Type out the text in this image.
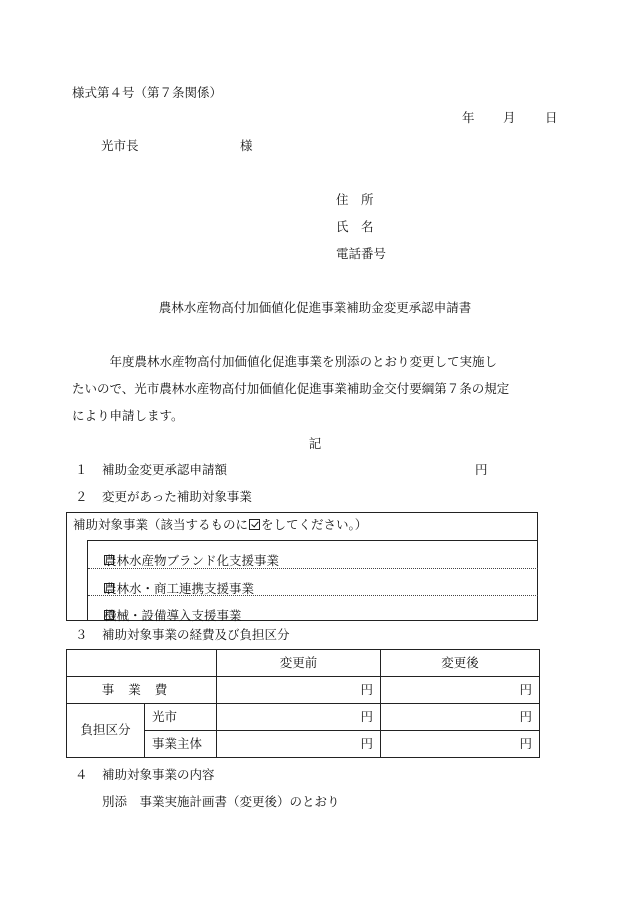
様式第４号（第７条関係）
年 月 日
光市長	様
住　所
氏　名
電話番号
農林水産物高付加価値化促進事業補助金変更承認申請書
　　　年度農林水産物高付加価値化促進事業を別添のとおり変更して実施し
たいので、光市農林水産物高付加価値化促進事業補助金交付要綱第７条の規定
により申請します。
記
１ 補助金変更承認申請額	円
２ 変更があった補助対象事業
補助対象事業（該当するものに をしてください。）
農林水産物ブランド化支援事業
農林水・商工連携支援事業
機械・設備導入支援事業
３ 補助対象事業の経費及び負担区分
		変更前	変更後
事業費		円	円
負担区分	光市	円	円
	事業主体	円	円
４ 補助対象事業の内容
別添　事業実施計画書（変更後）のとおり
